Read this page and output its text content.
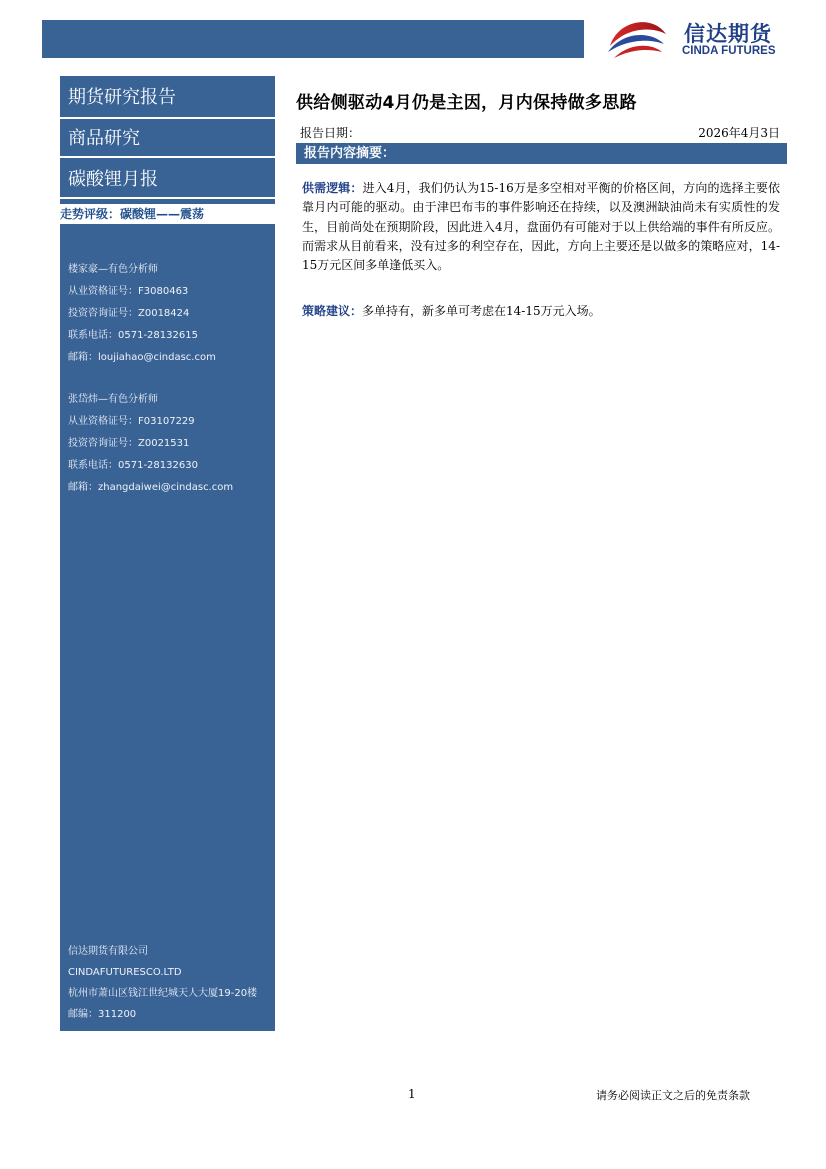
信达期货
CINDA FUTURES
期货研究报告
商品研究
碳酸锂月报
走势评级：碳酸锂——震荡
楼家豪—有色分析师
从业资格证号：F3080463
投资咨询证号：Z0018424
联系电话：0571-28132615
邮箱：loujiahao@cindasc.com
张岱炜—有色分析师
从业资格证号：F03107229
投资咨询证号：Z0021531
联系电话：0571-28132630
邮箱：zhangdaiwei@cindasc.com
信达期货有限公司
CINDAFUTURESCO.LTD
杭州市萧山区钱江世纪城天人大厦19-20楼
邮编：311200
供给侧驱动4月仍是主因，月内保持做多思路
报告日期：	2026年4月3日
报告内容摘要：
供需逻辑：进入4月，我们仍认为15-16万是多空相对平衡的价格区间，方向的选择主要依靠月内可能的驱动。由于津巴布韦的事件影响还在持续，以及澳洲缺油尚未有实质性的发生，目前尚处在预期阶段，因此进入4月，盘面仍有可能对于以上供给端的事件有所反应。而需求从目前看来，没有过多的利空存在，因此，方向上主要还是以做多的策略应对，14-15万元区间多单逢低买入。
策略建议：多单持有，新多单可考虑在14-15万元入场。
1	请务必阅读正文之后的免责条款
